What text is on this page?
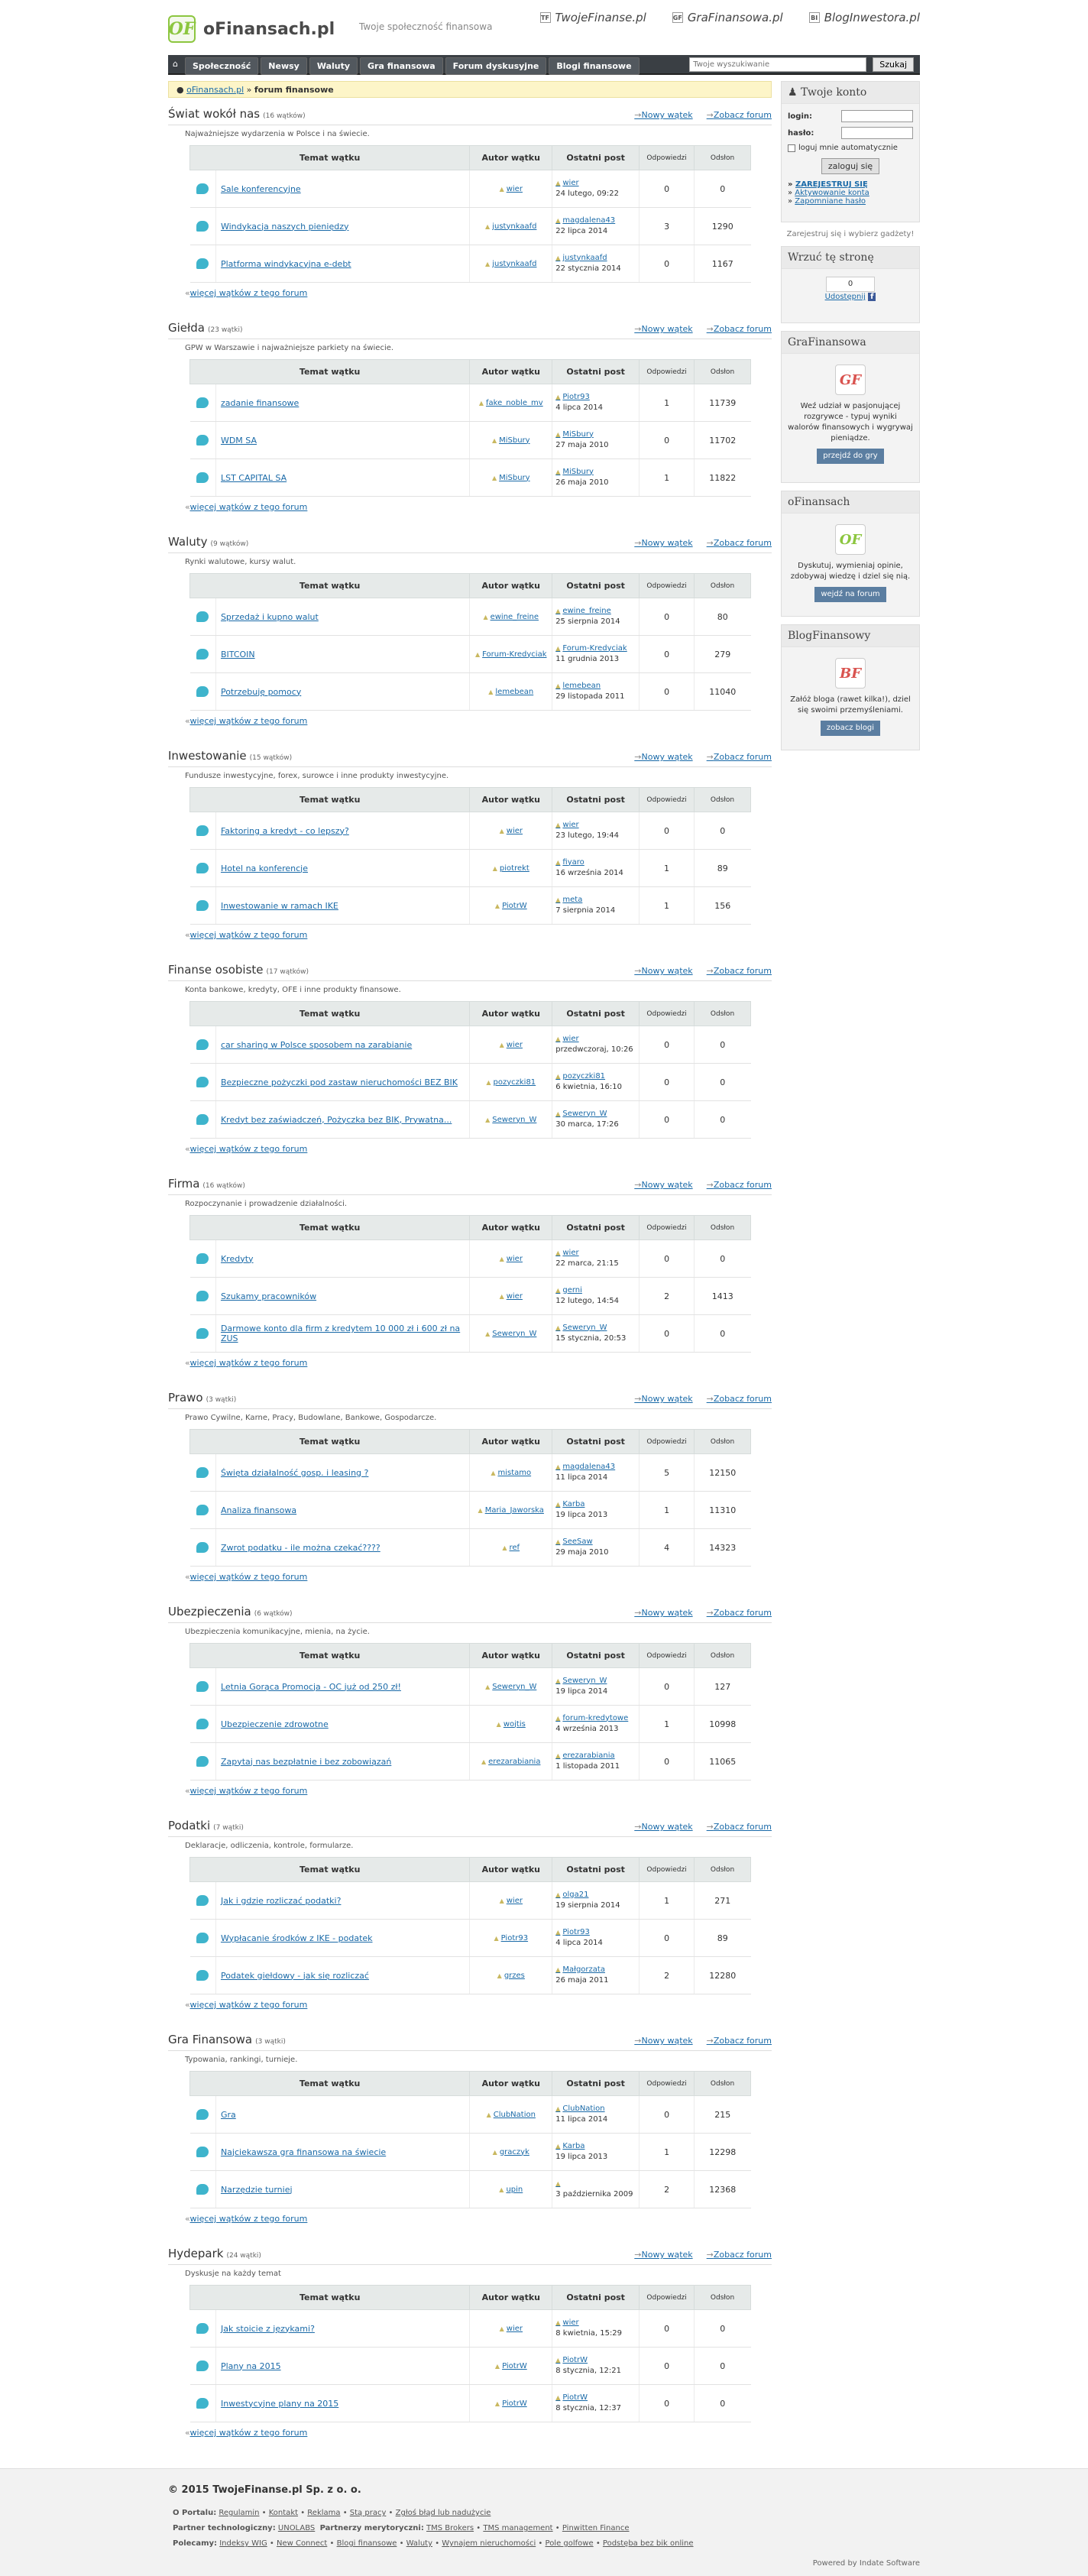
OF oFinansach.pl	Twoje społeczność finansowa
TF TwojeFinanse.pl	GF GraFinansowa.pl	BI BlogInwestora.pl
⌂	Społeczność	Newsy	Waluty	Gra finansowa	Forum dyskusyjne	Blogi finansowe
Twoje wyszukiwanie	Szukaj
● oFinansach.pl » forum finansowe
Świat wokół nas (16 wątków)	→ Nowy wątek	→ Zobacz forum
Najważniejsze wydarzenia w Polsce i na świecie.
Temat wątku		Autor wątku	Ostatni post	Odpowiedzi	Odsłon
	Sale konferencyjne	▲ wier	▲ wier
24 lutego, 09:22	0	0
	Windykacja naszych pieniędzy	▲ justynkaafd	▲ magdalena43
22 lipca 2014	3	1290
	Platforma windykacyjna e-debt	▲ justynkaafd	▲ justynkaafd
22 stycznia 2014	0	1167
« więcej wątków z tego forum
Giełda (23 wątki)	→ Nowy wątek	→ Zobacz forum
GPW w Warszawie i najważniejsze parkiety na świecie.
Temat wątku		Autor wątku	Ostatni post	Odpowiedzi	Odsłon
	zadanie finansowe	▲ fake_noble_mv	▲ Piotr93
4 lipca 2014	1	11739
	WDM SA	▲ MiSbury	▲ MiSbury
27 maja 2010	0	11702
	LST CAPITAL SA	▲ MiSbury	▲ MiSbury
26 maja 2010	1	11822
« więcej wątków z tego forum
Waluty (9 wątków)	→ Nowy wątek	→ Zobacz forum
Rynki walutowe, kursy walut.
Temat wątku		Autor wątku	Ostatni post	Odpowiedzi	Odsłon
	Sprzedaż i kupno walut	▲ ewine_freine	▲ ewine_freine
25 sierpnia 2014	0	80
	BITCOIN	▲ Forum-Kredyciak	▲ Forum-Kredyciak
11 grudnia 2013	0	279
	Potrzebuję pomocy	▲ lemebean	▲ lemebean
29 listopada 2011	0	11040
« więcej wątków z tego forum
Inwestowanie (15 wątków)	→ Nowy wątek	→ Zobacz forum
Fundusze inwestycyjne, forex, surowce i inne produkty inwestycyjne.
Temat wątku		Autor wątku	Ostatni post	Odpowiedzi	Odsłon
	Faktoring a kredyt - co lepszy?	▲ wier	▲ wier
23 lutego, 19:44	0	0
	Hotel na konferencje	▲ piotrekt	▲ fiyaro
16 września 2014	1	89
	Inwestowanie w ramach IKE	▲ PiotrW	▲ meta
7 sierpnia 2014	1	156
« więcej wątków z tego forum
Finanse osobiste (17 wątków)	→ Nowy wątek	→ Zobacz forum
Konta bankowe, kredyty, OFE i inne produkty finansowe.
Temat wątku		Autor wątku	Ostatni post	Odpowiedzi	Odsłon
	car sharing w Polsce sposobem na zarabianie	▲ wier	▲ wier
przedwczoraj, 10:26	0	0
	Bezpieczne pożyczki pod zastaw nieruchomości BEZ BIK	▲ pozyczki81	▲ pozyczki81
6 kwietnia, 16:10	0	0
	Kredyt bez zaświadczeń, Pożyczka bez BIK, Prywatna...	▲ Seweryn_W	▲ Seweryn_W
30 marca, 17:26	0	0
« więcej wątków z tego forum
Firma (16 wątków)	→ Nowy wątek	→ Zobacz forum
Rozpoczynanie i prowadzenie działalności.
Temat wątku		Autor wątku	Ostatni post	Odpowiedzi	Odsłon
	Kredyty	▲ wier	▲ wier
22 marca, 21:15	0	0
	Szukamy pracowników	▲ wier	▲ gerni
12 lutego, 14:54	2	1413
	Darmowe konto dla firm z kredytem 10 000 zł i 600 zł na ZUS	▲ Seweryn_W	▲ Seweryn_W
15 stycznia, 20:53	0	0
« więcej wątków z tego forum
Prawo (3 wątki)	→ Nowy wątek	→ Zobacz forum
Prawo Cywilne, Karne, Pracy, Budowlane, Bankowe, Gospodarcze.
Temat wątku		Autor wątku	Ostatni post	Odpowiedzi	Odsłon
	Święta działalność gosp. i leasing ?	▲ mistamo	▲ magdalena43
11 lipca 2014	5	12150
	Analiza finansowa	▲ Maria_Jaworska	▲ Karba
19 lipca 2013	1	11310
	Zwrot podatku - ile można czekać????	▲ ref	▲ SeeSaw
29 maja 2010	4	14323
« więcej wątków z tego forum
Ubezpieczenia (6 wątków)	→ Nowy wątek	→ Zobacz forum
Ubezpieczenia komunikacyjne, mienia, na życie.
Temat wątku		Autor wątku	Ostatni post	Odpowiedzi	Odsłon
	Letnia Gorąca Promocja - OC już od 250 zł!	▲ Seweryn_W	▲ Seweryn_W
19 lipca 2014	0	127
	Ubezpieczenie zdrowotne	▲ wojtis	▲ forum-kredytowe
4 września 2013	1	10998
	Zapytaj nas bezpłatnie i bez zobowiązań	▲ erezarabiania	▲ erezarabiania
1 listopada 2011	0	11065
« więcej wątków z tego forum
Podatki (7 wątki)	→ Nowy wątek	→ Zobacz forum
Deklaracje, odliczenia, kontrole, formularze.
Temat wątku		Autor wątku	Ostatni post	Odpowiedzi	Odsłon
	Jak i gdzie rozliczać podatki?	▲ wier	▲ olga21
19 sierpnia 2014	1	271
	Wypłacanie środków z IKE - podatek	▲ Piotr93	▲ Piotr93
4 lipca 2014	0	89
	Podatek giełdowy - jak się rozliczać	▲ grzes	▲ Małgorzata
26 maja 2011	2	12280
« więcej wątków z tego forum
Gra Finansowa (3 wątki)	→ Nowy wątek	→ Zobacz forum
Typowania, rankingi, turnieje.
Temat wątku		Autor wątku	Ostatni post	Odpowiedzi	Odsłon
	Gra	▲ ClubNation	▲ ClubNation
11 lipca 2014	0	215
	Najciekawsza gra finansowa na świecie	▲ graczyk	▲ Karba
19 lipca 2013	1	12298
	Narzędzie turniej	▲ upin	▲
3 października 2009	2	12368
« więcej wątków z tego forum
Hydepark (24 wątki)	→ Nowy wątek	→ Zobacz forum
Dyskusje na każdy temat
Temat wątku		Autor wątku	Ostatni post	Odpowiedzi	Odsłon
	Jak stoicie z językami?	▲ wier	▲ wier
8 kwietnia, 15:29	0	0
	Plany na 2015	▲ PiotrW	▲ PiotrW
8 stycznia, 12:21	0	0
	Inwestycyjne plany na 2015	▲ PiotrW	▲ PiotrW
8 stycznia, 12:37	0	0
« więcej wątków z tego forum
♟ Twoje konto
login:
hasło:
loguj mnie automatycznie
zaloguj się
» ZAREJESTRUJ SIĘ
» Aktywowanie konta
» Zapomniane hasło
Zarejestruj się i wybierz gadżety!
Wrzuć tę stronę
0
Udostępnij f
GraFinansowa
GF
Weź udział w pasjonującej rozgrywce - typuj wyniki walorów finansowych i wygrywaj pieniądze.
przejdź do gry
oFinansach
OF
Dyskutuj, wymieniaj opinie, zdobywaj wiedzę i dziel się nią.
wejdź na forum
BlogFinansowy
BF
Załóż bloga (rawet kilka!), dziel się swoimi przemyśleniami.
zobacz blogi
© 2015 TwojeFinanse.pl Sp. z o. o.
O Portalu: Regulamin • Kontakt • Reklama • Stą pracy • Zgłoś błąd lub nadużycie
Partner technologiczny: UNOLABS Partnerzy merytoryczni: TMS Brokers • TMS management • Pinwitten Finance
Polecamy: Indeksy WIG • New Connect • Blogi finansowe • Waluty • Wynajem nieruchomości • Pole golfowe • Podstęba bez bik online
Powered by Indate Software
